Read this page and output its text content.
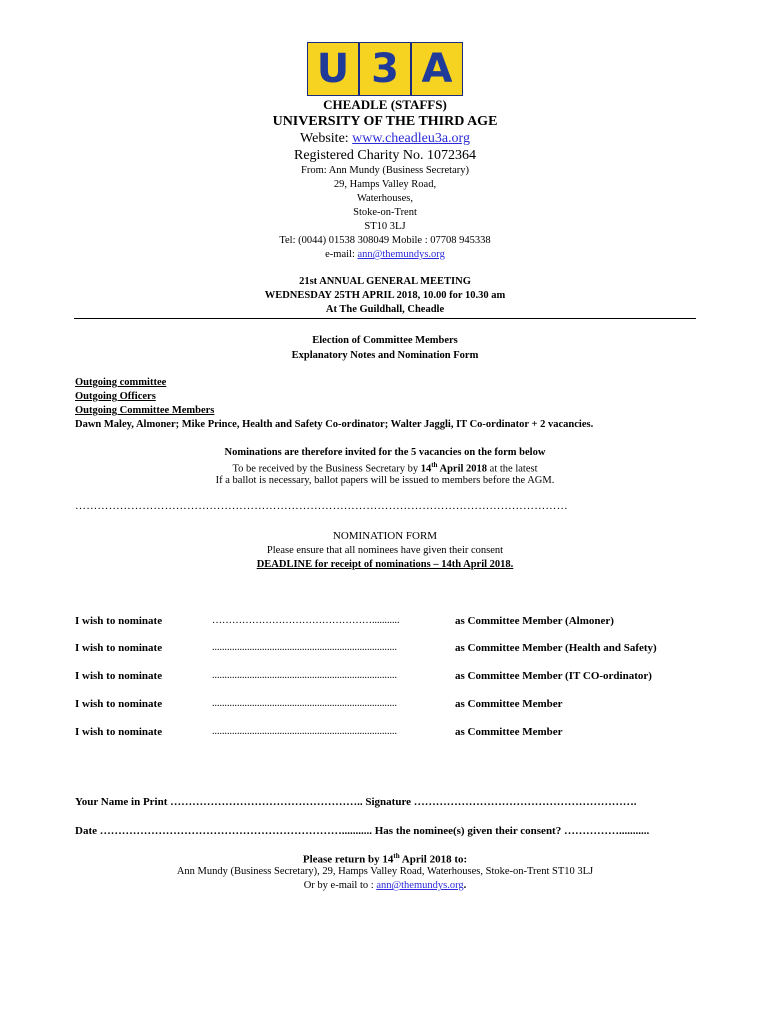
U 3 A
CHEADLE (STAFFS)
UNIVERSITY OF THE THIRD AGE
Website: www.cheadleu3a.org
Registered Charity No. 1072364
From: Ann Mundy (Business Secretary)
29, Hamps Valley Road,
Waterhouses,
Stoke-on-Trent
ST10 3LJ
Tel: (0044) 01538 308049 Mobile : 07708 945338
e-mail: ann@themundys.org
21st ANNUAL GENERAL MEETING
WEDNESDAY 25TH APRIL 2018, 10.00 for 10.30 am
At The Guildhall, Cheadle
Election of Committee Members
Explanatory Notes and Nomination Form
Outgoing committee
Outgoing Officers
Outgoing Committee Members
Dawn Maley, Almoner; Mike Prince, Health and Safety Co-ordinator; Walter Jaggli, IT Co-ordinator + 2 vacancies.
Nominations are therefore invited for the 5 vacancies on the form below
To be received by the Business Secretary by 14th April 2018 at the latest
If a ballot is necessary, ballot papers will be issued to members before the AGM.
……………………………………………………………………………………………………………………
NOMINATION FORM
Please ensure that all nominees have given their consent
DEADLINE for receipt of nominations – 14th April 2018.
I wish to nominate	…………………………………………...........	as Committee Member (Almoner)
I wish to nominate	..........................................................................	as Committee Member (Health and Safety)
I wish to nominate	..........................................................................	as Committee Member (IT CO-ordinator)
I wish to nominate	..........................................................................	as Committee Member
I wish to nominate	..........................................................................	as Committee Member
Your Name in Print …………………………………………….. Signature …………………………………………………….
Date …………………………………………………………........... Has the nominee(s) given their consent? ……………...........
Please return by 14th April 2018 to:
Ann Mundy (Business Secretary), 29, Hamps Valley Road, Waterhouses, Stoke-on-Trent ST10 3LJ
Or by e-mail to : ann@themundys.org.
